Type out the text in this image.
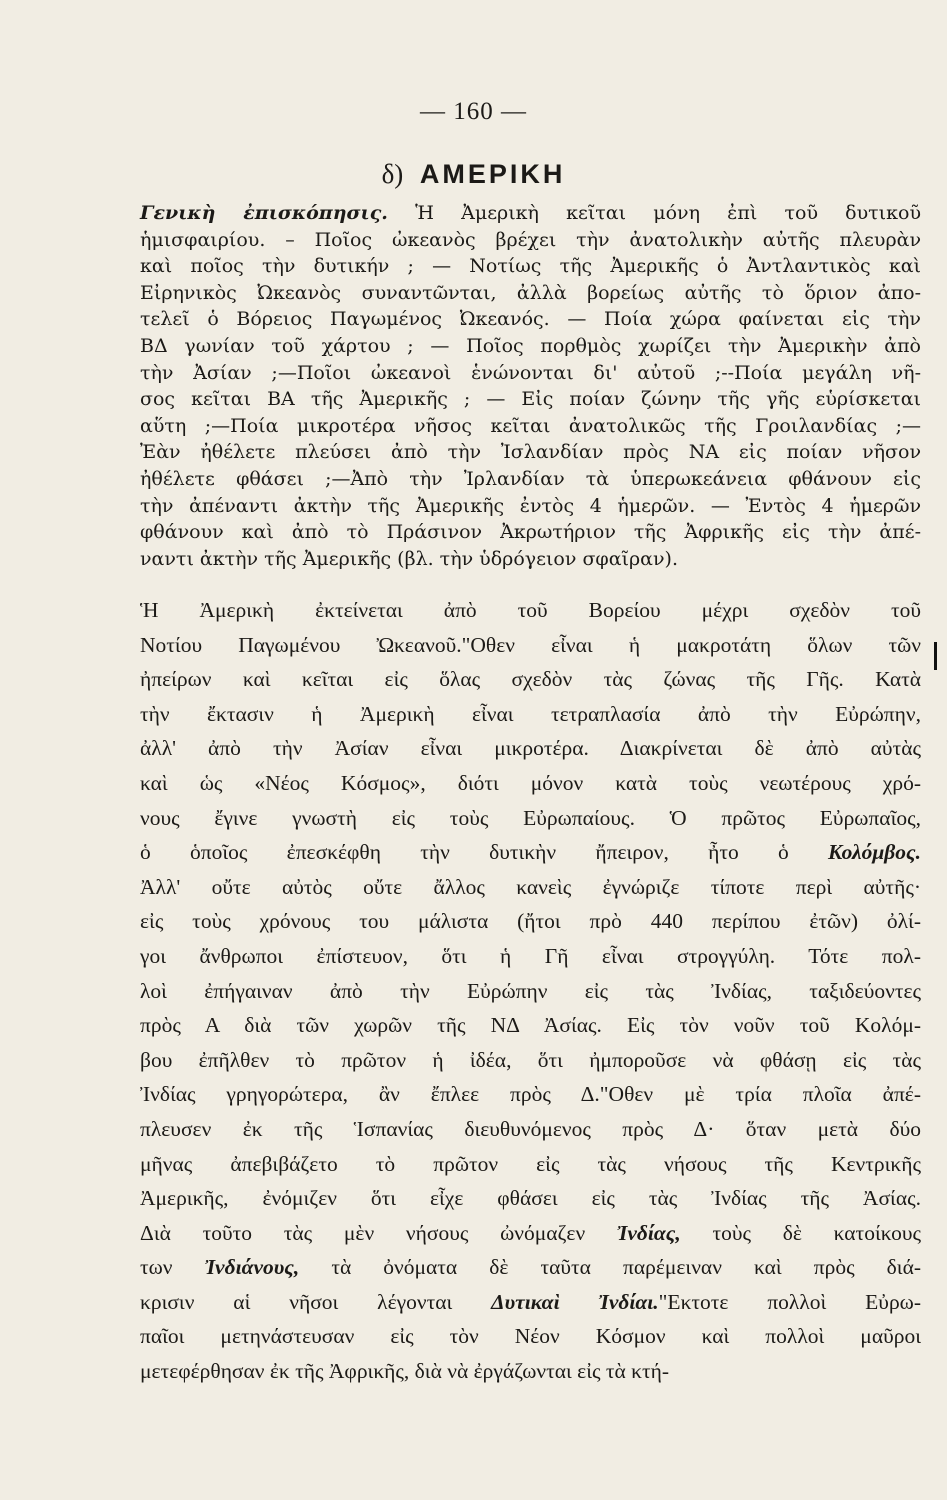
— 160 —
δ) ΑΜΕΡΙΚΗ
Γενικὴ ἐπισκόπησις. Ἡ Ἀμερικὴ κεῖται μόνη ἐπὶ τοῦ δυτικοῦ
ἡμισφαιρίου. – Ποῖος ὠκεανὸς βρέχει τὴν ἀνατολικὴν αὐτῆς πλευρὰν
καὶ ποῖος τὴν δυτικήν ; — Νοτίως τῆς Ἀμερικῆς ὁ Ἀντλαντικὸς καὶ
Εἰρηνικὸς Ὠκεανὸς συναντῶνται, ἀλλὰ βορείως αὐτῆς τὸ ὅριον ἀπο-
τελεῖ ὁ Βόρειος Παγωμένος Ὠκεανός. — Ποία χώρα φαίνεται εἰς τὴν
ΒΔ γωνίαν τοῦ χάρτου ; — Ποῖος πορθμὸς χωρίζει τὴν Ἀμερικὴν ἀπὸ
τὴν Ἀσίαν ;—Ποῖοι ὠκεανοὶ ἑνώνονται δι' αὐτοῦ ;--Ποία μεγάλη νῆ-
σος κεῖται ΒΑ τῆς Ἀμερικῆς ; — Εἰς ποίαν ζώνην τῆς γῆς εὑρίσκεται
αὕτη ;—Ποία μικροτέρα νῆσος κεῖται ἀνατολικῶς τῆς Γροιλανδίας ;—
Ἐὰν ἠθέλετε πλεύσει ἀπὸ τὴν Ἰσλανδίαν πρὸς ΝΑ εἰς ποίαν νῆσον
ἠθέλετε φθάσει ;—Ἀπὸ τὴν Ἰρλανδίαν τὰ ὑπερωκεάνεια φθάνουν εἰς
τὴν ἀπέναντι ἀκτὴν τῆς Ἀμερικῆς ἐντὸς 4 ἡμερῶν. — Ἐντὸς 4 ἡμερῶν
φθάνουν καὶ ἀπὸ τὸ Πράσινον Ἀκρωτήριον τῆς Ἀφρικῆς εἰς τὴν ἀπέ-
ναντι ἀκτὴν τῆς Ἀμερικῆς (βλ. τὴν ὑδρόγειον σφαῖραν).
Ἡ Ἀμερικὴ ἐκτείνεται ἀπὸ τοῦ Βορείου μέχρι σχεδὸν τοῦ
Νοτίου Παγωμένου Ὠκεανοῦ."Οθεν εἶναι ἡ μακροτάτη ὅλων τῶν
ἠπείρων καὶ κεῖται εἰς ὅλας σχεδὸν τὰς ζώνας τῆς Γῆς. Κατὰ
τὴν ἔκτασιν ἡ Ἀμερικὴ εἶναι τετραπλασία ἀπὸ τὴν Εὐρώπην,
ἀλλ' ἀπὸ τὴν Ἀσίαν εἶναι μικροτέρα. Διακρίνεται δὲ ἀπὸ αὐτὰς
καὶ ὡς «Νέος Κόσμος», διότι μόνον κατὰ τοὺς νεωτέρους χρό-
νους ἔγινε γνωστὴ εἰς τοὺς Εὐρωπαίους. Ὁ πρῶτος Εὐρωπαῖος,
ὁ ὁποῖος ἐπεσκέφθη τὴν δυτικὴν ἤπειρον, ἦτο ὁ Κολόμβος.
Ἀλλ' οὔτε αὐτὸς οὔτε ἄλλος κανεὶς ἐγνώριζε τίποτε περὶ αὐτῆς·
εἰς τοὺς χρόνους του μάλιστα (ἤτοι πρὸ 440 περίπου ἐτῶν) ὀλί-
γοι ἄνθρωποι ἐπίστευον, ὅτι ἡ Γῆ εἶναι στρογγύλη. Τότε πολ-
λοὶ ἐπήγαιναν ἀπὸ τὴν Εὐρώπην εἰς τὰς Ἰνδίας, ταξιδεύοντες
πρὸς Α διὰ τῶν χωρῶν τῆς ΝΔ Ἀσίας. Εἰς τὸν νοῦν τοῦ Κολόμ-
βου ἐπῆλθεν τὸ πρῶτον ἡ ἰδέα, ὅτι ἠμποροῦσε νὰ φθάσῃ εἰς τὰς
Ἰνδίας γρηγορώτερα, ἂν ἔπλεε πρὸς Δ."Οθεν μὲ τρία πλοῖα ἀπέ-
πλευσεν ἐκ τῆς Ἱσπανίας διευθυνόμενος πρὸς Δ· ὅταν μετὰ δύο
μῆνας ἀπεβιβάζετο τὸ πρῶτον εἰς τὰς νήσους τῆς Κεντρικῆς
Ἀμερικῆς, ἐνόμιζεν ὅτι εἶχε φθάσει εἰς τὰς Ἰνδίας τῆς Ἀσίας.
Διὰ τοῦτο τὰς μὲν νήσους ὠνόμαζεν Ἰνδίας, τοὺς δὲ κατοίκους
των Ἰνδιάνους, τὰ ὀνόματα δὲ ταῦτα παρέμειναν καὶ πρὸς διά-
κρισιν αἱ νῆσοι λέγονται Δυτικαὶ Ἰνδίαι."Εκτοτε πολλοὶ Εὐρω-
παῖοι μετηνάστευσαν εἰς τὸν Νέον Κόσμον καὶ πολλοὶ μαῦροι
μετεφέρθησαν ἐκ τῆς Ἀφρικῆς, διὰ νὰ ἐργάζωνται εἰς τὰ κτή-
